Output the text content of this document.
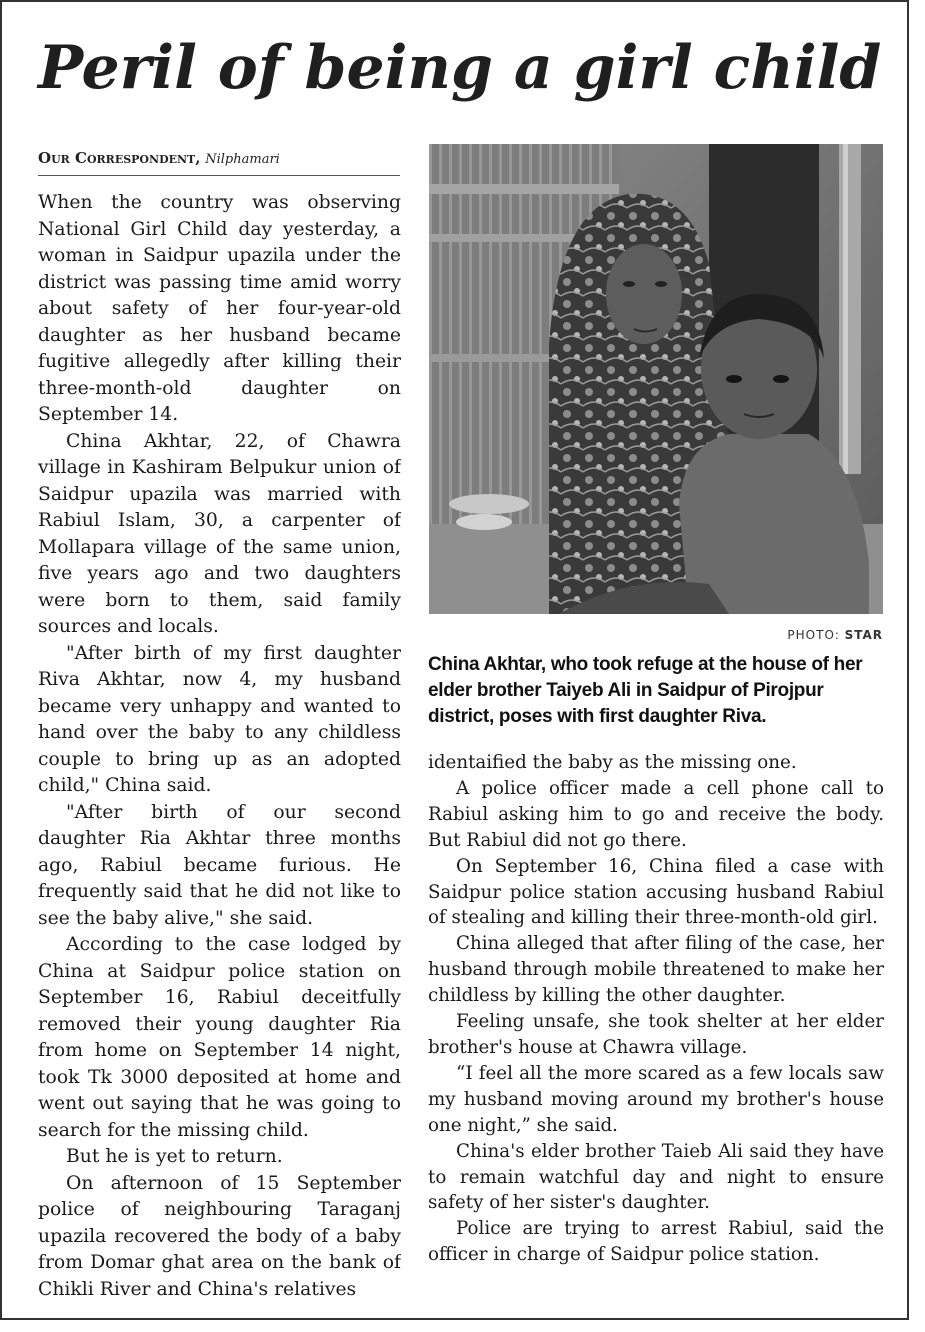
Peril of being a girl child
Our Correspondent, Nilphamari

When the country was observing National Girl Child day yesterday, a woman in Saidpur upazila under the district was passing time amid worry about safety of her four-year-old daughter as her husband became fugitive allegedly after killing their three-month-old daughter on September 14.

China Akhtar, 22, of Chawra village in Kashiram Belpukur union of Saidpur upazila was married with Rabiul Islam, 30, a carpenter of Mollapara village of the same union, five years ago and two daughters were born to them, said family sources and locals.

"After birth of my first daughter Riva Akhtar, now 4, my husband became very unhappy and wanted to hand over the baby to any childless couple to bring up as an adopted child," China said.

"After birth of our second daughter Ria Akhtar three months ago, Rabiul became furious. He frequently said that he did not like to see the baby alive," she said.

According to the case lodged by China at Saidpur police station on September 16, Rabiul deceitfully removed their young daughter Ria from home on September 14 night, took Tk 3000 deposited at home and went out saying that he was going to search for the missing child.

But he is yet to return.

On afternoon of 15 September police of neighbouring Taraganj upazila recovered the body of a baby from Domar ghat area on the bank of Chikli River and China's relatives

PHOTO: STAR
China Akhtar, who took refuge at the house of her elder brother Taiyeb Ali in Saidpur of Pirojpur district, poses with first daughter Riva.

identaified the baby as the missing one.

A police officer made a cell phone call to Rabiul asking him to go and receive the body. But Rabiul did not go there.

On September 16, China filed a case with Saidpur police station accusing husband Rabiul of stealing and killing their three-month-old girl.

China alleged that after filing of the case, her husband through mobile threatened to make her childless by killing the other daughter.

Feeling unsafe, she took shelter at her elder brother's house at Chawra village.

“I feel all the more scared as a few locals saw my husband moving around my brother's house one night,” she said.

China's elder brother Taieb Ali said they have to remain watchful day and night to ensure safety of her sister's daughter.

Police are trying to arrest Rabiul, said the officer in charge of Saidpur police station.
